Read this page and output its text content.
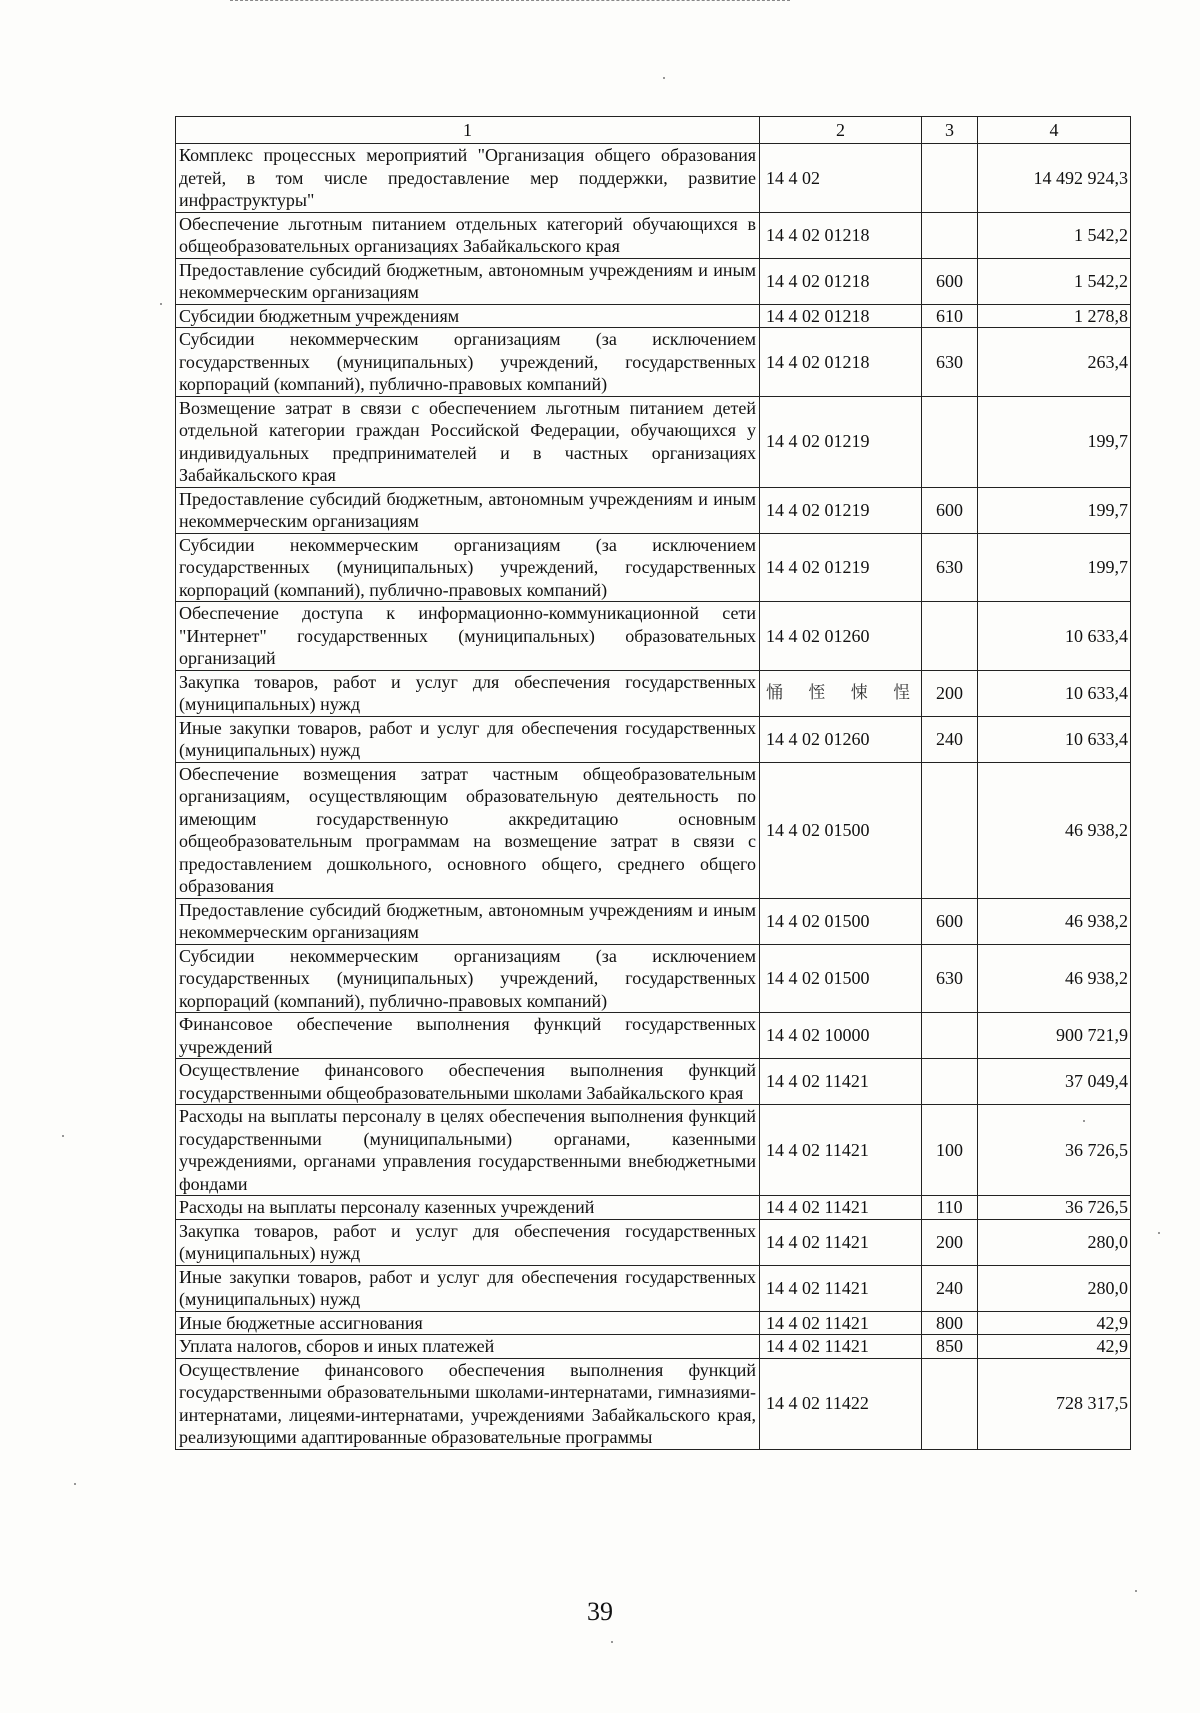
1	2	3	4
Комплекс процессных мероприятий "Организация общего образования детей, в том числе предоставление мер поддержки, развитие инфраструктуры"	14 4 02		14 492 924,3
Обеспечение льготным питанием отдельных категорий обучающихся в общеобразовательных организациях Забайкальского края	14 4 02 01218		1 542,2
Предоставление субсидий бюджетным, автономным учреждениям и иным некоммерческим организациям	14 4 02 01218	600	1 542,2
Субсидии бюджетным учреждениям	14 4 02 01218	610	1 278,8
Субсидии некоммерческим организациям (за исключением государственных (муниципальных) учреждений, государственных корпораций (компаний), публично-правовых компаний)	14 4 02 01218	630	263,4
Возмещение затрат в связи с обеспечением льготным питанием детей отдельной категории граждан Российской Федерации, обучающихся у индивидуальных предпринимателей и в частных организациях Забайкальского края	14 4 02 01219		199,7
Предоставление субсидий бюджетным, автономным учреждениям и иным некоммерческим организациям	14 4 02 01219	600	199,7
Субсидии некоммерческим организациям (за исключением государственных (муниципальных) учреждений, государственных корпораций (компаний), публично-правовых компаний)	14 4 02 01219	630	199,7
Обеспечение доступа к информационно-коммуникационной сети "Интернет" государственных (муниципальных) образовательных организаций	14 4 02 01260		10 633,4
Закупка товаров, работ и услуг для обеспечения государственных (муниципальных) нужд	悀 恎 悚 悜	200	10 633,4
Иные закупки товаров, работ и услуг для обеспечения государственных (муниципальных) нужд	14 4 02 01260	240	10 633,4
Обеспечение возмещения затрат частным общеобразовательным организациям, осуществляющим образовательную деятельность по имеющим государственную аккредитацию основным общеобразовательным программам на возмещение затрат в связи с предоставлением дошкольного, основного общего, среднего общего образования	14 4 02 01500		46 938,2
Предоставление субсидий бюджетным, автономным учреждениям и иным некоммерческим организациям	14 4 02 01500	600	46 938,2
Субсидии некоммерческим организациям (за исключением государственных (муниципальных) учреждений, государственных корпораций (компаний), публично-правовых компаний)	14 4 02 01500	630	46 938,2
Финансовое обеспечение выполнения функций государственных учреждений	14 4 02 10000		900 721,9
Осуществление финансового обеспечения выполнения функций государственными общеобразовательными школами Забайкальского края	14 4 02 11421		37 049,4
Расходы на выплаты персоналу в целях обеспечения выполнения функций государственными (муниципальными) органами, казенными учреждениями, органами управления государственными внебюджетными фондами	14 4 02 11421	100	36 726,5
Расходы на выплаты персоналу казенных учреждений	14 4 02 11421	110	36 726,5
Закупка товаров, работ и услуг для обеспечения государственных (муниципальных) нужд	14 4 02 11421	200	280,0
Иные закупки товаров, работ и услуг для обеспечения государственных (муниципальных) нужд	14 4 02 11421	240	280,0
Иные бюджетные ассигнования	14 4 02 11421	800	42,9
Уплата налогов, сборов и иных платежей	14 4 02 11421	850	42,9
Осуществление финансового обеспечения выполнения функций государственными образовательными школами-интернатами, гимназиями-интернатами, лицеями-интернатами, учреждениями Забайкальского края, реализующими адаптированные образовательные программы	14 4 02 11422		728 317,5
39
